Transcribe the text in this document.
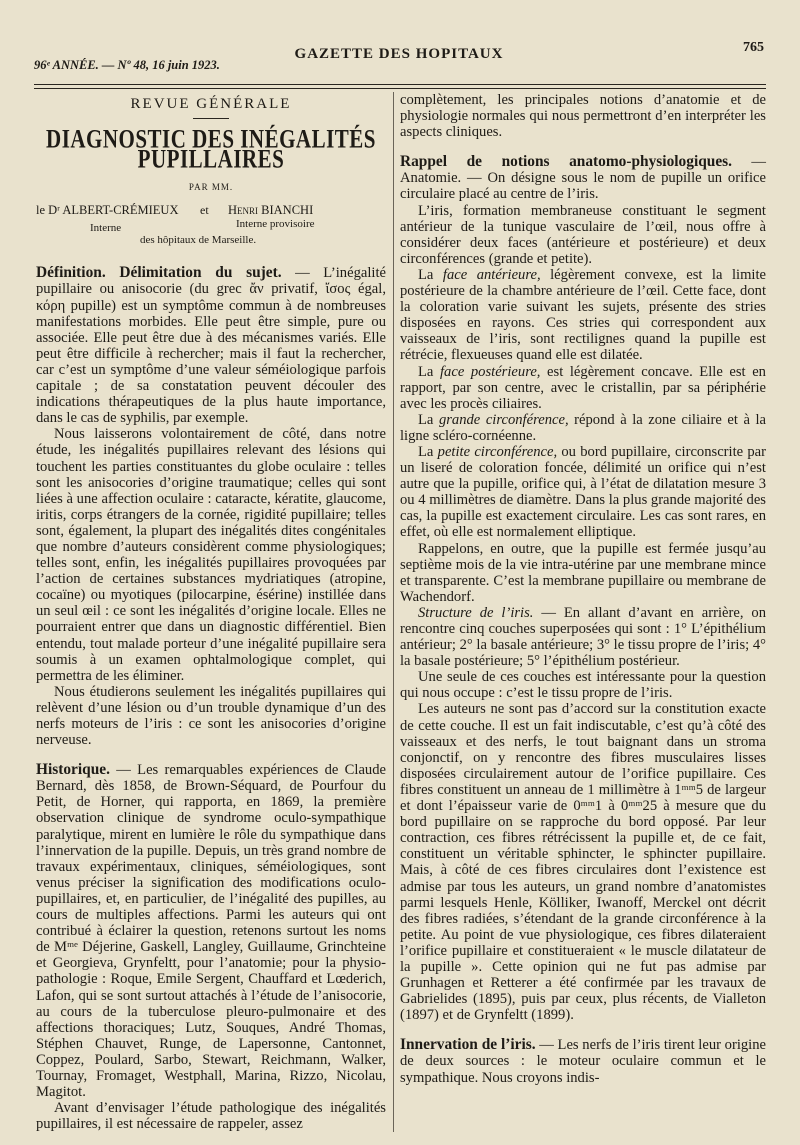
96ᵉ ANNÉE. — Nº 48, 16 juin 1923.
GAZETTE DES HOPITAUX	765
REVUE GÉNÉRALE
DIAGNOSTIC DES INÉGALITÉS PUPILLAIRES
PAR MM.
le Dʳ ALBERT-CRÉMIEUX et Henri BIANCHI
Interne	Interne provisoire
des hôpitaux de Marseille.

Définition. Délimitation du sujet. — L’inégalité pupillaire ou anisocorie (du grec ἄν privatif, ἴσος égal, κόρη pupille) est un symptôme commun à de nombreuses manifestations morbides. Elle peut être simple, pure ou associée. Elle peut être due à des mécanismes variés. Elle peut être difficile à rechercher; mais il faut la rechercher, car c’est un symptôme d’une valeur séméiologique parfois capitale ; de sa constatation peuvent découler des indications thérapeutiques de la plus haute importance, dans le cas de syphilis, par exemple.

Nous laisserons volontairement de côté, dans notre étude, les inégalités pupillaires relevant des lésions qui touchent les parties constituantes du globe oculaire : telles sont les anisocories d’origine traumatique; celles qui sont liées à une affection oculaire : cataracte, kératite, glaucome, iritis, corps étrangers de la cornée, rigidité pupillaire; telles sont, également, la plupart des inégalités dites congénitales que nombre d’auteurs considèrent comme physiologiques; telles sont, enfin, les inégalités pupillaires provoquées par l’action de certaines substances mydriatiques (atropine, cocaïne) ou myotiques (pilocarpine, ésérine) instillée dans un seul œil : ce sont les inégalités d’origine locale. Elles ne pourraient entrer que dans un diagnostic différentiel. Bien entendu, tout malade porteur d’une inégalité pupillaire sera soumis à un examen ophtalmologique complet, qui permettra de les éliminer.

Nous étudierons seulement les inégalités pupillaires qui relèvent d’une lésion ou d’un trouble dynamique d’un des nerfs moteurs de l’iris : ce sont les anisocories d’origine nerveuse.

Historique. — Les remarquables expériences de Claude Bernard, dès 1858, de Brown-Séquard, de Pourfour du Petit, de Horner, qui rapporta, en 1869, la première observation clinique de syndrome oculo-sympathique paralytique, mirent en lumière le rôle du sympathique dans l’innervation de la pupille. Depuis, un très grand nombre de travaux expérimentaux, cliniques, séméiologiques, sont venus préciser la signification des modifications oculo-pupillaires, et, en particulier, de l’inégalité des pupilles, au cours de multiples affections. Parmi les auteurs qui ont contribué à éclairer la question, retenons surtout les noms de Mᵐᵉ Déjerine, Gaskell, Langley, Guillaume, Grinchteine et Georgieva, Grynfeltt, pour l’anatomie; pour la physio-pathologie : Roque, Emile Sergent, Chauffard et Lœderich, Lafon, qui se sont surtout attachés à l’étude de l’anisocorie, au cours de la tuberculose pleuro-pulmonaire et des affections thoraciques; Lutz, Souques, André Thomas, Stéphen Chauvet, Runge, de Lapersonne, Cantonnet, Coppez, Poulard, Sarbo, Stewart, Reichmann, Walker, Tournay, Fromaget, Westphall, Marina, Rizzo, Nicolau, Magitot.

Avant d’envisager l’étude pathologique des inégalités pupillaires, il est nécessaire de rappeler, assez

complètement, les principales notions d’anatomie et de physiologie normales qui nous permettront d’en interpréter les aspects cliniques.

Rappel de notions anatomo-physiologiques. — Anatomie. — On désigne sous le nom de pupille un orifice circulaire placé au centre de l’iris.

L’iris, formation membraneuse constituant le segment antérieur de la tunique vasculaire de l’œil, nous offre à considérer deux faces (antérieure et postérieure) et deux circonférences (grande et petite).

La face antérieure, légèrement convexe, est la limite postérieure de la chambre antérieure de l’œil. Cette face, dont la coloration varie suivant les sujets, présente des stries disposées en rayons. Ces stries qui correspondent aux vaisseaux de l’iris, sont rectilignes quand la pupille est rétrécie, flexueuses quand elle est dilatée.

La face postérieure, est légèrement concave. Elle est en rapport, par son centre, avec le cristallin, par sa périphérie avec les procès ciliaires.

La grande circonférence, répond à la zone ciliaire et à la ligne scléro-cornéenne.

La petite circonférence, ou bord pupillaire, circonscrite par un liseré de coloration foncée, délimité un orifice qui n’est autre que la pupille, orifice qui, à l’état de dilatation mesure 3 ou 4 millimètres de diamètre. Dans la plus grande majorité des cas, la pupille est exactement circulaire. Les cas sont rares, en effet, où elle est normalement elliptique.

Rappelons, en outre, que la pupille est fermée jusqu’au septième mois de la vie intra-utérine par une membrane mince et transparente. C’est la membrane pupillaire ou membrane de Wachendorf.

Structure de l’iris. — En allant d’avant en arrière, on rencontre cinq couches superposées qui sont : 1° L’épithélium antérieur; 2° la basale antérieure; 3° le tissu propre de l’iris; 4° la basale postérieure; 5° l’épithélium postérieur.

Une seule de ces couches est intéressante pour la question qui nous occupe : c’est le tissu propre de l’iris.

Les auteurs ne sont pas d’accord sur la constitution exacte de cette couche. Il est un fait indiscutable, c’est qu’à côté des vaisseaux et des nerfs, le tout baignant dans un stroma conjonctif, on y rencontre des fibres musculaires lisses disposées circulairement autour de l’orifice pupillaire. Ces fibres constituent un anneau de 1 millimètre à 1ᵐᵐ5 de largeur et dont l’épaisseur varie de 0ᵐᵐ1 à 0ᵐᵐ25 à mesure que du bord pupillaire on se rapproche du bord opposé. Par leur contraction, ces fibres rétrécissent la pupille et, de ce fait, constituent un véritable sphincter, le sphincter pupillaire. Mais, à côté de ces fibres circulaires dont l’existence est admise par tous les auteurs, un grand nombre d’anatomistes parmi lesquels Henle, Kölliker, Iwanoff, Merckel ont décrit des fibres radiées, s’étendant de la grande circonférence à la petite. Au point de vue physiologique, ces fibres dilateraient l’orifice pupillaire et constitueraient « le muscle dilatateur de la pupille ». Cette opinion qui ne fut pas admise par Grunhagen et Retterer a été confirmée par les travaux de Gabrielides (1895), puis par ceux, plus récents, de Vialleton (1897) et de Grynfeltt (1899).

Innervation de l’iris. — Les nerfs de l’iris tirent leur origine de deux sources : le moteur oculaire commun et le sympathique. Nous croyons indis-
